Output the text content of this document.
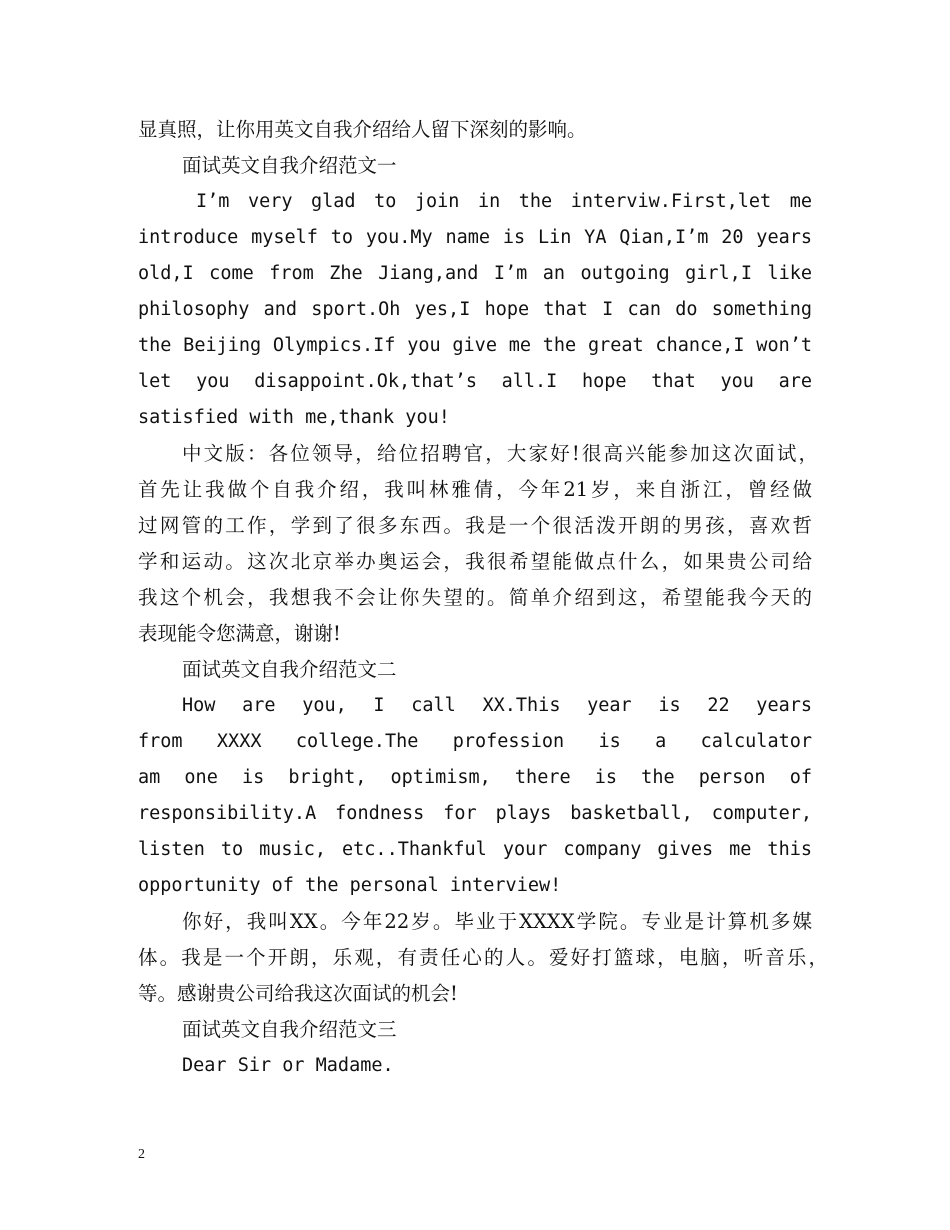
显真照，让你用英文自我介绍给人留下深刻的影响。
面试英文自我介绍范文一
I’m very glad to join in the interviw.First,let me
introduce myself to you.My name is Lin YA Qian,I’m 20 years
old,I come from Zhe Jiang,and I’m an outgoing girl,I like
philosophy and sport.Oh yes,I hope that I can do something
the Beijing Olympics.If you give me the great chance,I won’t
let you disappoint.Ok,that’s all.I hope that you are
satisfied with me,thank you!
中文版：各位领导，给位招聘官，大家好!很高兴能参加这次面试，
首先让我做个自我介绍，我叫林雅倩，今年21岁，来自浙江，曾经做
过网管的工作，学到了很多东西。我是一个很活泼开朗的男孩，喜欢哲
学和运动。这次北京举办奥运会，我很希望能做点什么，如果贵公司给
我这个机会，我想我不会让你失望的。简单介绍到这，希望能我今天的
表现能令您满意，谢谢!
面试英文自我介绍范文二
How are you, I call XX.This year is 22 years
from XXXX college.The profession is a calculator
am one is bright, optimism, there is the person of
responsibility.A fondness for plays basketball, computer,
listen to music, etc..Thankful your company gives me this
opportunity of the personal interview!
你好，我叫XX。今年22岁。毕业于XXXX学院。专业是计算机多媒
体。我是一个开朗，乐观，有责任心的人。爱好打篮球，电脑，听音乐，
等。感谢贵公司给我这次面试的机会!
面试英文自我介绍范文三
Dear Sir or Madame.
2
